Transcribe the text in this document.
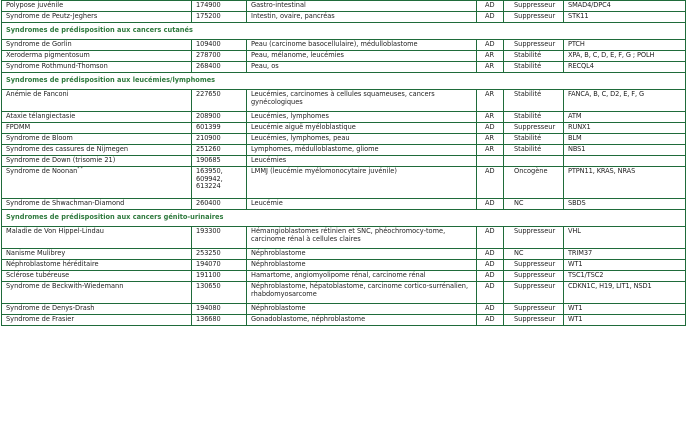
Polypose juvénile	174900	Gastro-intestinal	AD	Suppresseur	SMAD4/DPC4
Syndrome de Peutz-Jeghers	175200	Intestin, ovaire, pancréas	AD	Suppresseur	STK11
Syndromes de prédisposition aux cancers cutanés					
Syndrome de Gorlin	109400	Peau (carcinome basocellulaire), médulloblastome	AD	Suppresseur	PTCH
Xeroderma pigmentosum	278700	Peau, mélanome, leucémies	AR	Stabilité	XPA, B, C, D, E, F, G ; POLH
Syndrome Rothmund-Thomson	268400	Peau, os	AR	Stabilité	RECQL4
Syndromes de prédisposition aux leucémies/lymphomes					
Anémie de Fanconi	227650	Leucémies, carcinomes à cellules squameuses, cancers gynécologiques	AR	Stabilité	FANCA, B, C, D2, E, F, G
Ataxie télangiectasie	208900	Leucémies, lymphomes	AR	Stabilité	ATM
FPDMM	601399	Leucémie aiguë myéloblastique	AD	Suppresseur	RUNX1
Syndrome de Bloom	210900	Leucémies, lymphomes, peau	AR	Stabilité	BLM
Syndrome des cassures de Nijmegen	251260	Lymphomes, médulloblastome, gliome	AR	Stabilité	NBS1
Syndrome de Down (trisomie 21)	190685	Leucémies			
Syndrome de Noonan* *	163950, 609942, 613224	LMMJ (leucémie myélomonocytaire juvénile)	AD	Oncogène	PTPN11, KRAS, NRAS
Syndrome de Shwachman-Diamond	260400	Leucémie	AD	NC	SBDS
Syndromes de prédisposition aux cancers génito-urinaires					
Maladie de Von Hippel-Lindau	193300	Hémangioblastomes rétinien et SNC, phéochromocy-tome, carcinome rénal à cellules claires	AD	Suppresseur	VHL
Nanisme Mulibrey	253250	Néphroblastome	AD	NC	TRIM37
Néphroblastome héréditaire	194070	Néphroblastome	AD	Suppresseur	WT1
Sclérose tubéreuse	191100	Hamartome, angiomyolipome rénal, carcinome rénal	AD	Suppresseur	TSC1/TSC2
Syndrome de Beckwith-Wiedemann	130650	Néphroblastome, hépatoblastome, carcinome cortico-surrénalien, rhabdomyosarcome	AD	Suppresseur	CDKN1C, H19, LIT1, NSD1
Syndrome de Denys-Drash	194080	Néphroblastome	AD	Suppresseur	WT1
Syndrome de Frasier	136680	Gonadoblastome, néphroblastome	AD	Suppresseur	WT1
